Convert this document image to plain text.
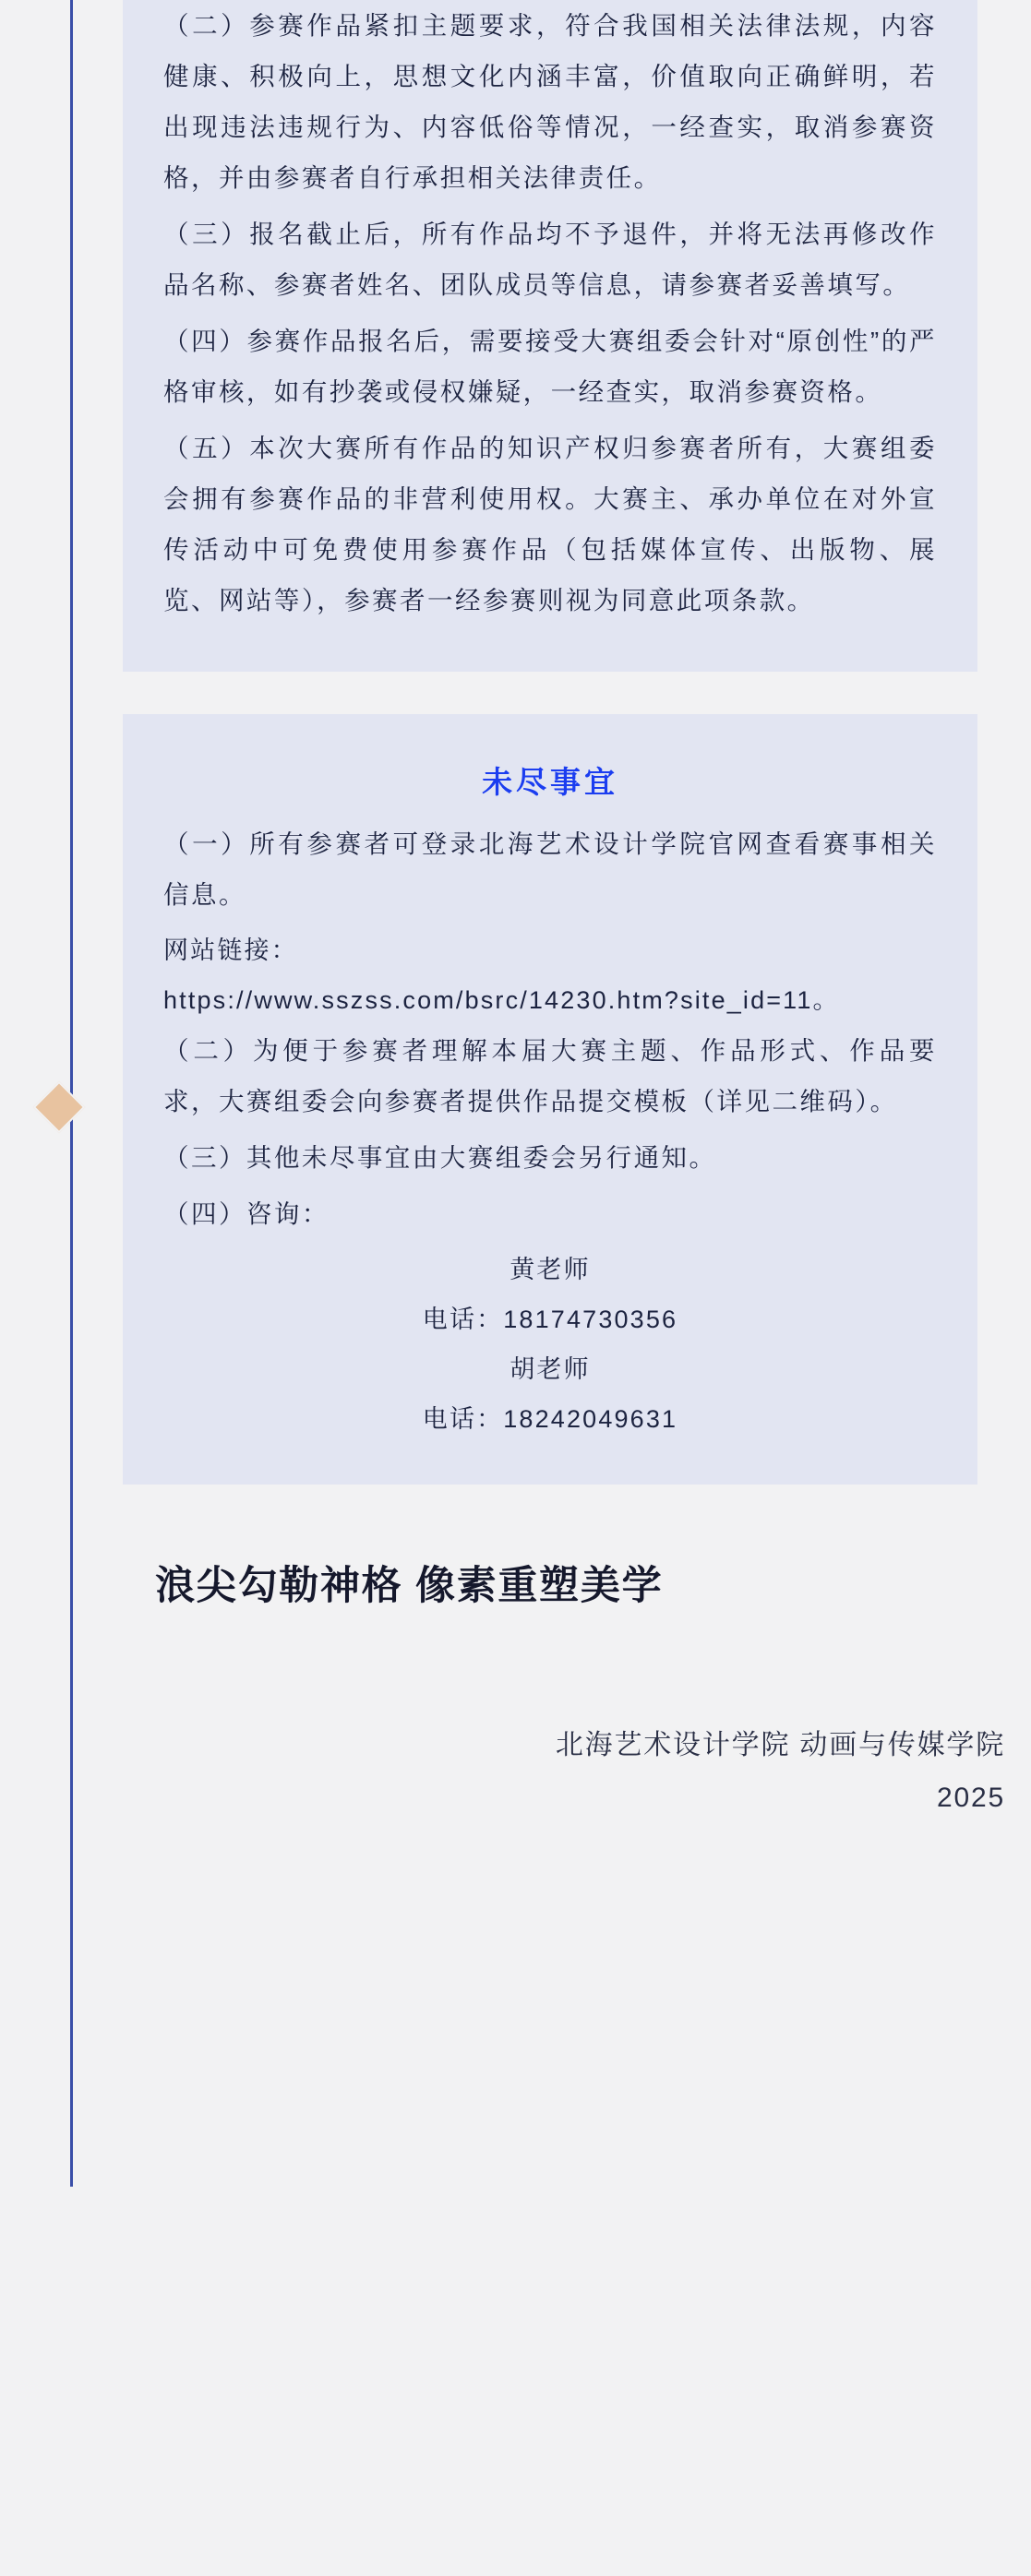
（二）参赛作品紧扣主题要求，符合我国相关法律法规，内容健康、积极向上，思想文化内涵丰富，价值取向正确鲜明，若出现违法违规行为、内容低俗等情况，一经查实，取消参赛资格，并由参赛者自行承担相关法律责任。

（三）报名截止后，所有作品均不予退件，并将无法再修改作品名称、参赛者姓名、团队成员等信息，请参赛者妥善填写。

（四）参赛作品报名后，需要接受大赛组委会针对“原创性”的严格审核，如有抄袭或侵权嫌疑，一经查实，取消参赛资格。

（五）本次大赛所有作品的知识产权归参赛者所有，大赛组委会拥有参赛作品的非营利使用权。大赛主、承办单位在对外宣传活动中可免费使用参赛作品（包括媒体宣传、出版物、展览、网站等），参赛者一经参赛则视为同意此项条款。

未尽事宜

（一）所有参赛者可登录北海艺术设计学院官网查看赛事相关信息。

网站链接：

https://www.sszss.com/bsrc/14230.htm?site_id=11。

（二）为便于参赛者理解本届大赛主题、作品形式、作品要求，大赛组委会向参赛者提供作品提交模板（详见二维码）。

（三）其他未尽事宜由大赛组委会另行通知。

（四）咨询：

黄老师

电话：18174730356

胡老师

电话：18242049631

浪尖勾勒神格 像素重塑美学
北海艺术设计学院 动画与传媒学院
2025
